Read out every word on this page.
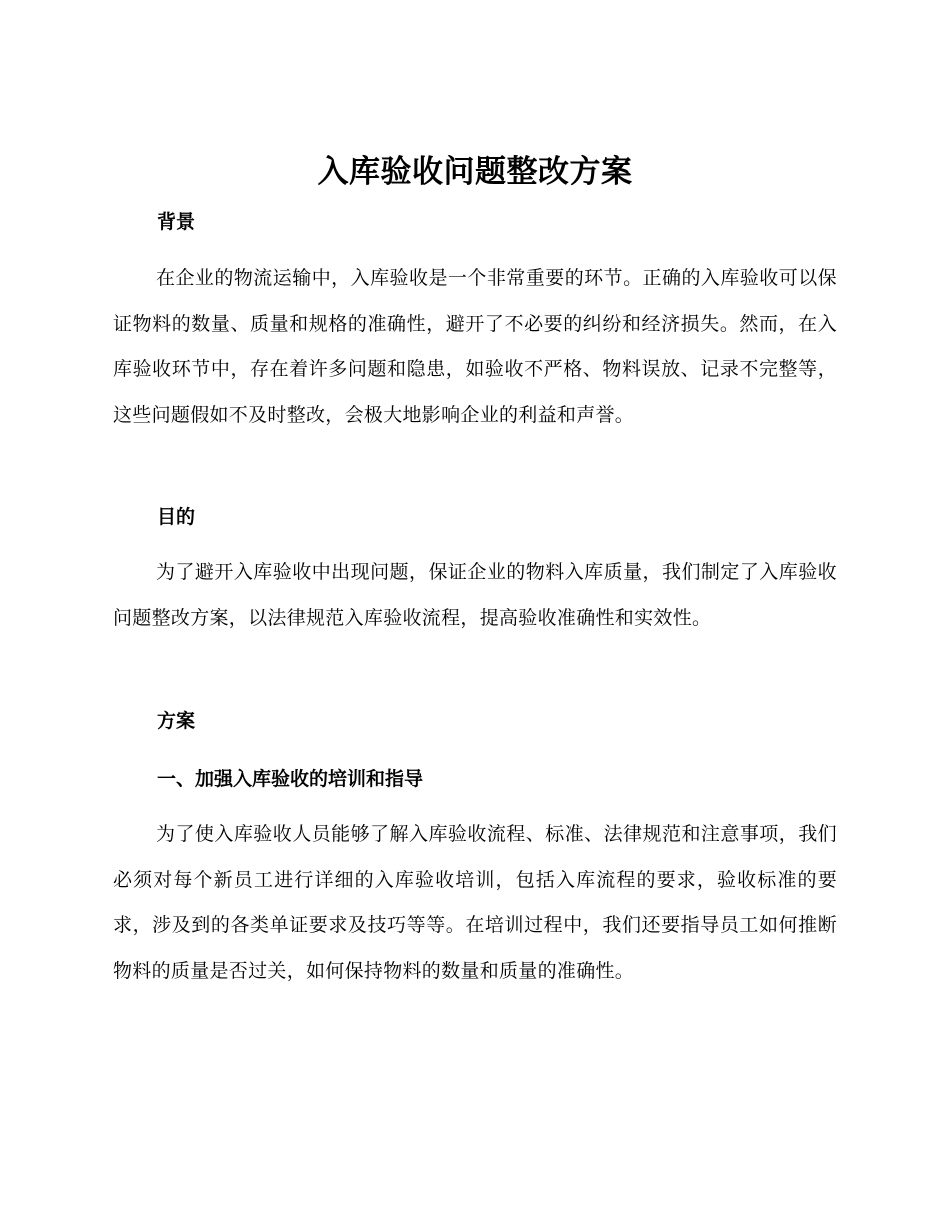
入库验收问题整改方案
背景
在企业的物流运输中，入库验收是一个非常重要的环节。正确的入库验收可以保证物料的数量、质量和规格的准确性，避开了不必要的纠纷和经济损失。然而，在入库验收环节中，存在着许多问题和隐患，如验收不严格、物料误放、记录不完整等，这些问题假如不及时整改，会极大地影响企业的利益和声誉。
目的
为了避开入库验收中出现问题，保证企业的物料入库质量，我们制定了入库验收问题整改方案，以法律规范入库验收流程，提高验收准确性和实效性。
方案
一、加强入库验收的培训和指导
为了使入库验收人员能够了解入库验收流程、标准、法律规范和注意事项，我们必须对每个新员工进行详细的入库验收培训，包括入库流程的要求，验收标准的要求，涉及到的各类单证要求及技巧等等。在培训过程中，我们还要指导员工如何推断物料的质量是否过关，如何保持物料的数量和质量的准确性。
